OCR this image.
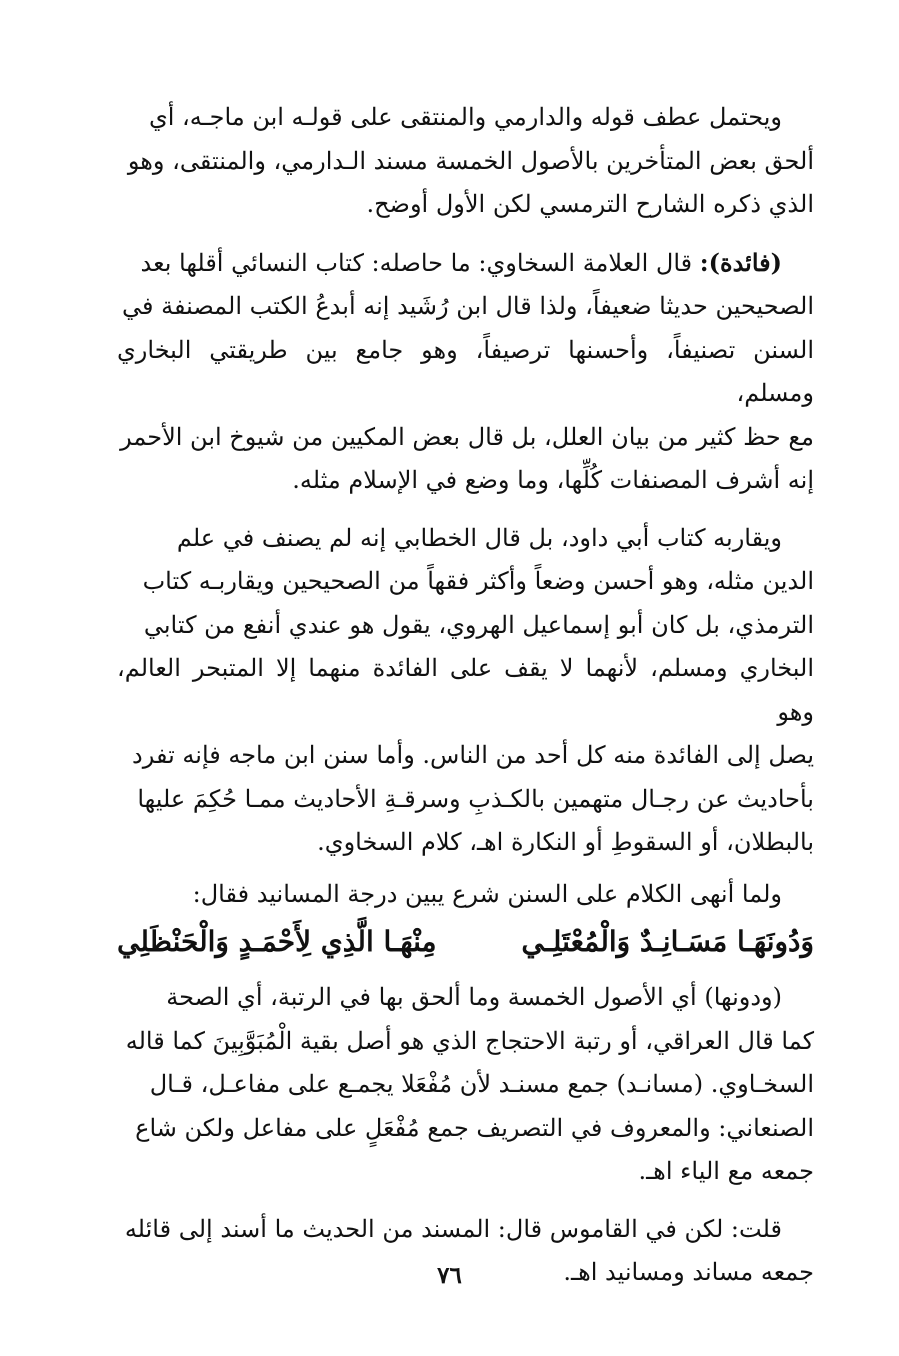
ويحتمل عطف قوله والدارمي والمنتقى على قولـه ابن ماجـه، أي
ألحق بعض المتأخرين بالأصول الخمسة مسند الـدارمي، والمنتقى، وهو
الذي ذكره الشارح الترمسي لكن الأول أوضح.

(فائدة): قال العلامة السخاوي: ما حاصله: كتاب النسائي أقلها بعد
الصحيحين حديثا ضعيفاً، ولذا قال ابن رُشَيد إنه أبدعُ الكتب المصنفة في
السنن تصنيفاً، وأحسنها ترصيفاً، وهو جامع بين طريقتي البخاري ومسلم،
مع حظ كثير من بيان العلل، بل قال بعض المكيين من شيوخ ابن الأحمر
إنه أشرف المصنفات كُلِّها، وما وضع في الإسلام مثله.

ويقاربه كتاب أبي داود، بل قال الخطابي إنه لم يصنف في علم
الدين مثله، وهو أحسن وضعاً وأكثر فقهاً من الصحيحين ويقاربـه كتاب
الترمذي، بل كان أبو إسماعيل الهروي، يقول هو عندي أنفع من كتابي
البخاري ومسلم، لأنهما لا يقف على الفائدة منهما إلا المتبحر العالم، وهو
يصل إلى الفائدة منه كل أحد من الناس. وأما سنن ابن ماجه فإنه تفرد
بأحاديث عن رجـال متهمين بالكـذبِ وسرقـةِ الأحاديث ممـا حُكِمَ عليها
بالبطلان، أو السقوطِ أو النكارة اهـ، كلام السخاوي.

ولما أنهى الكلام على السنن شرع يبين درجة المسانيد فقال:

وَدُونَهَـا مَسَـانِـدٌ وَالْمُعْتَلِـي
مِنْهَـا الَّذِي لِأَحْمَـدٍ وَالْحَنْظَلِي

(ودونها) أي الأصول الخمسة وما ألحق بها في الرتبة، أي الصحة
كما قال العراقي، أو رتبة الاحتجاج الذي هو أصل بقية الْمُبَوَّبِينَ كما قاله
السخـاوي. (مسانـد) جمع مسنـد لأن مُفْعَلا يجمـع على مفاعـل، قـال
الصنعاني: والمعروف في التصريف جمع مُفْعَلٍ على مفاعل ولكن شاع
جمعه مع الياء اهـ.

قلت: لكن في القاموس قال: المسند من الحديث ما أسند إلى قائله
جمعه مساند ومسانيد اهـ.

٧٦
